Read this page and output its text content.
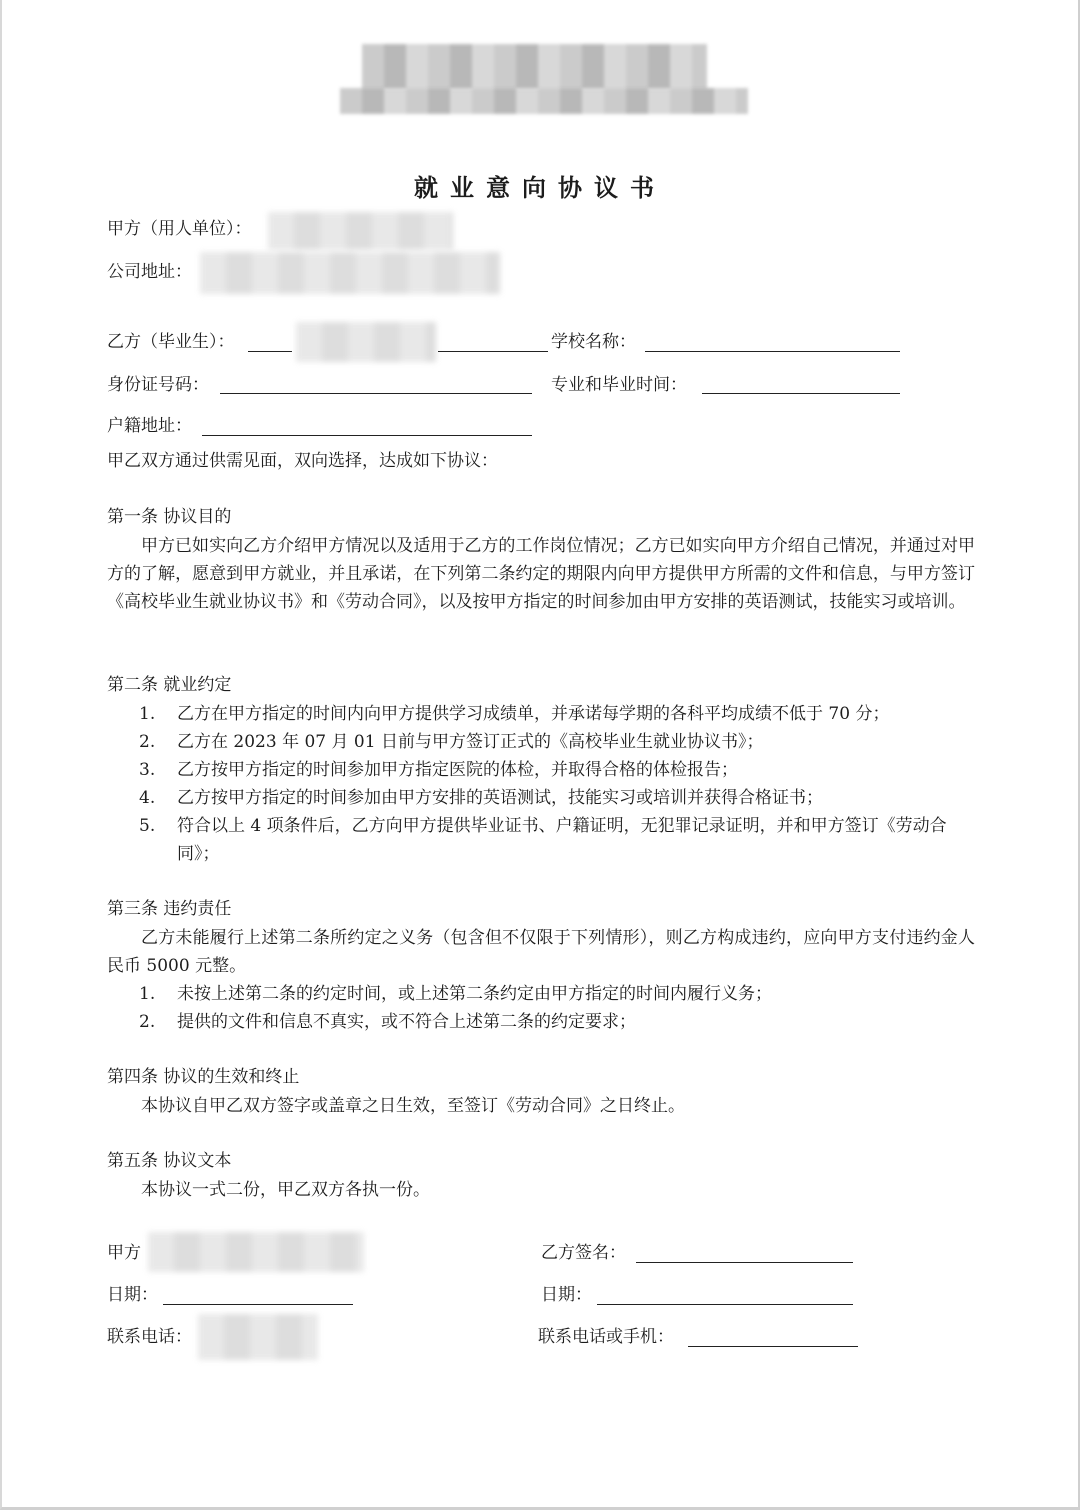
就业意向协议书
甲方（用人单位）：
公司地址：
乙方（毕业生）：	学校名称：
身份证号码：	专业和毕业时间：
户籍地址：
甲乙双方通过供需见面，双向选择，达成如下协议：
第一条 协议目的
甲方已如实向乙方介绍甲方情况以及适用于乙方的工作岗位情况；乙方已如实向甲方介绍自己情况，并通过对甲方的了解，愿意到甲方就业，并且承诺，在下列第二条约定的期限内向甲方提供甲方所需的文件和信息，与甲方签订《高校毕业生就业协议书》和《劳动合同》，以及按甲方指定的时间参加由甲方安排的英语测试，技能实习或培训。
第二条 就业约定
1. 乙方在甲方指定的时间内向甲方提供学习成绩单，并承诺每学期的各科平均成绩不低于 70 分；
2. 乙方在 2023 年 07 月 01 日前与甲方签订正式的《高校毕业生就业协议书》；
3. 乙方按甲方指定的时间参加甲方指定医院的体检，并取得合格的体检报告；
4. 乙方按甲方指定的时间参加由甲方安排的英语测试，技能实习或培训并获得合格证书；
5. 符合以上 4 项条件后，乙方向甲方提供毕业证书、户籍证明，无犯罪记录证明，并和甲方签订《劳动合同》；
第三条 违约责任
乙方未能履行上述第二条所约定之义务（包含但不仅限于下列情形），则乙方构成违约，应向甲方支付违约金人民币 5000 元整。
1. 未按上述第二条的约定时间，或上述第二条约定由甲方指定的时间内履行义务；
2. 提供的文件和信息不真实，或不符合上述第二条的约定要求；
第四条 协议的生效和终止
本协议自甲乙双方签字或盖章之日生效，至签订《劳动合同》之日终止。
第五条 协议文本
本协议一式二份，甲乙双方各执一份。
甲方	乙方签名：
日期：	日期：
联系电话：	联系电话或手机：
